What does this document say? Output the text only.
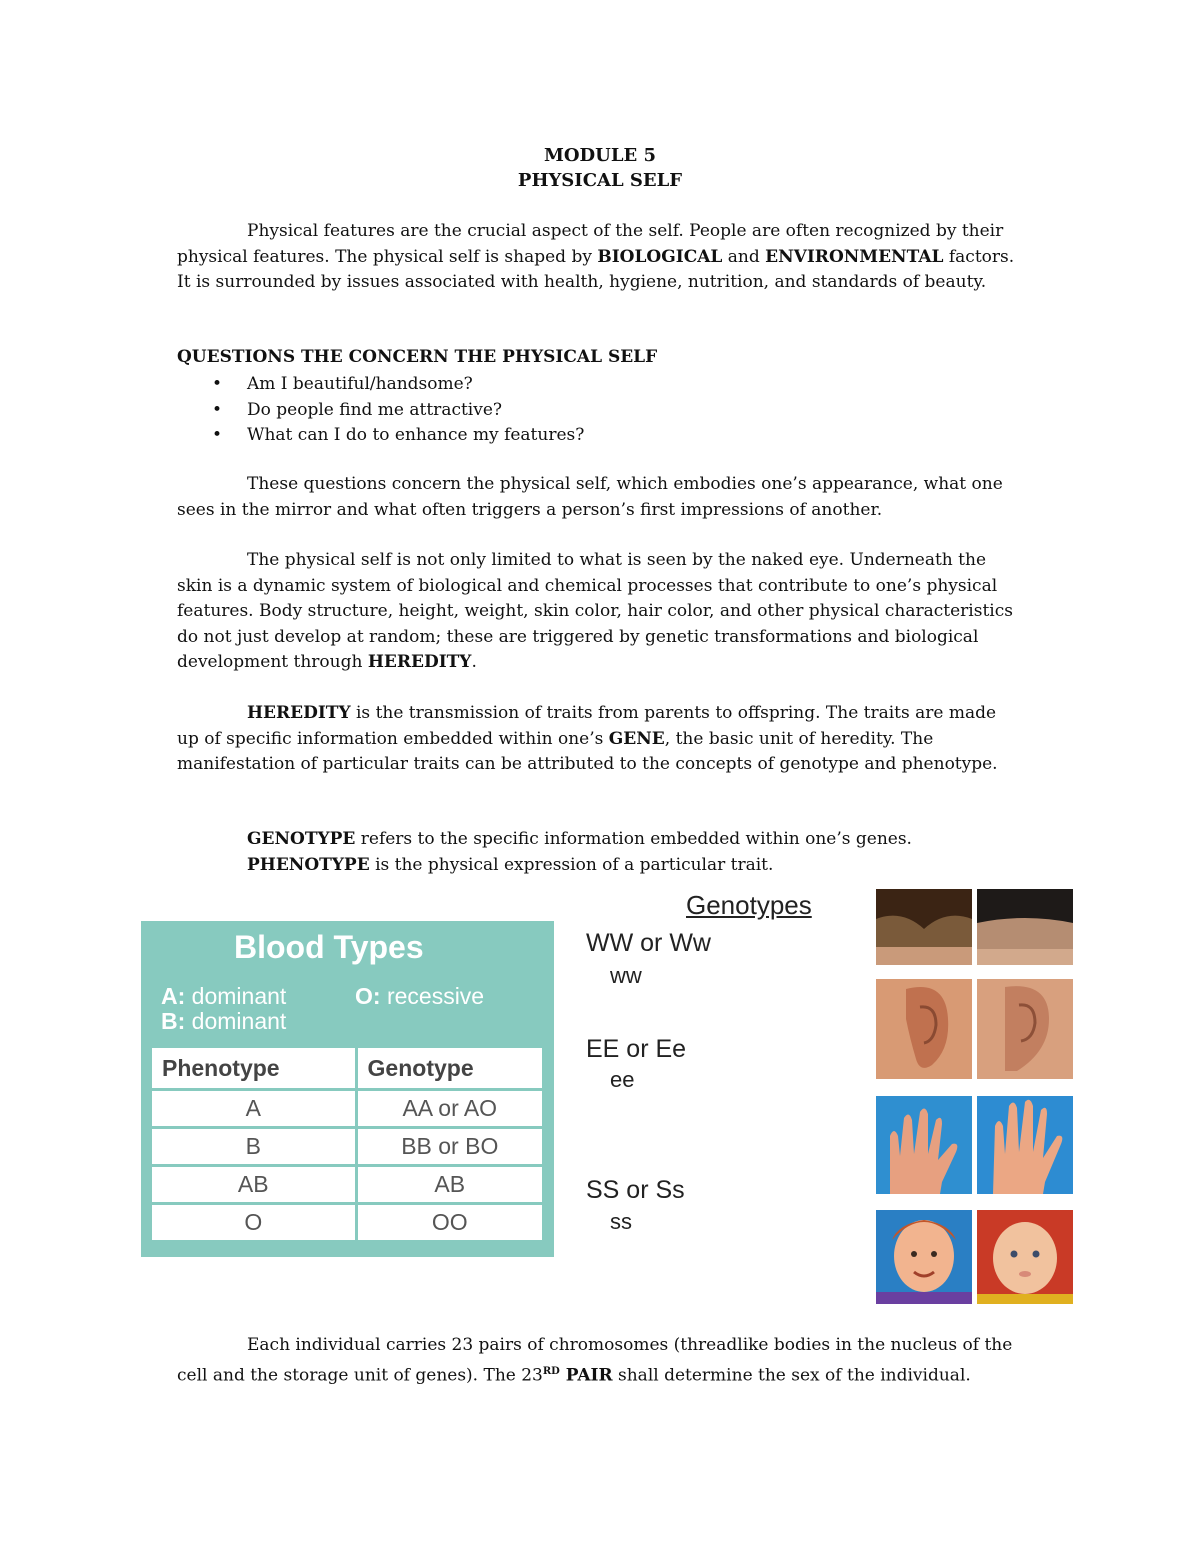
MODULE 5
PHYSICAL SELF
Physical features are the crucial aspect of the self. People are often recognized by their physical features. The physical self is shaped by BIOLOGICAL and ENVIRONMENTAL factors. It is surrounded by issues associated with health, hygiene, nutrition, and standards of beauty.
QUESTIONS THE CONCERN THE PHYSICAL SELF
• Am I beautiful/handsome?
• Do people find me attractive?
• What can I do to enhance my features?
These questions concern the physical self, which embodies one’s appearance, what one sees in the mirror and what often triggers a person’s first impressions of another.
The physical self is not only limited to what is seen by the naked eye. Underneath the skin is a dynamic system of biological and chemical processes that contribute to one’s physical features. Body structure, height, weight, skin color, hair color, and other physical characteristics do not just develop at random; these are triggered by genetic transformations and biological development through HEREDITY.
HEREDITY is the transmission of traits from parents to offspring. The traits are made up of specific information embedded within one’s GENE, the basic unit of heredity. The manifestation of particular traits can be attributed to the concepts of genotype and phenotype.
GENOTYPE refers to the specific information embedded within one’s genes.
PHENOTYPE is the physical expression of a particular trait.
Blood Types
A: dominant	O: recessive
B: dominant
Phenotype	Genotype
A	AA or AO
B	BB or BO
AB	AB
O	OO
Genotypes
WW or Ww
ww
EE or Ee
ee
SS or Ss
ss
Each individual carries 23 pairs of chromosomes (threadlike bodies in the nucleus of the cell and the storage unit of genes). The 23RD PAIR shall determine the sex of the individual.
